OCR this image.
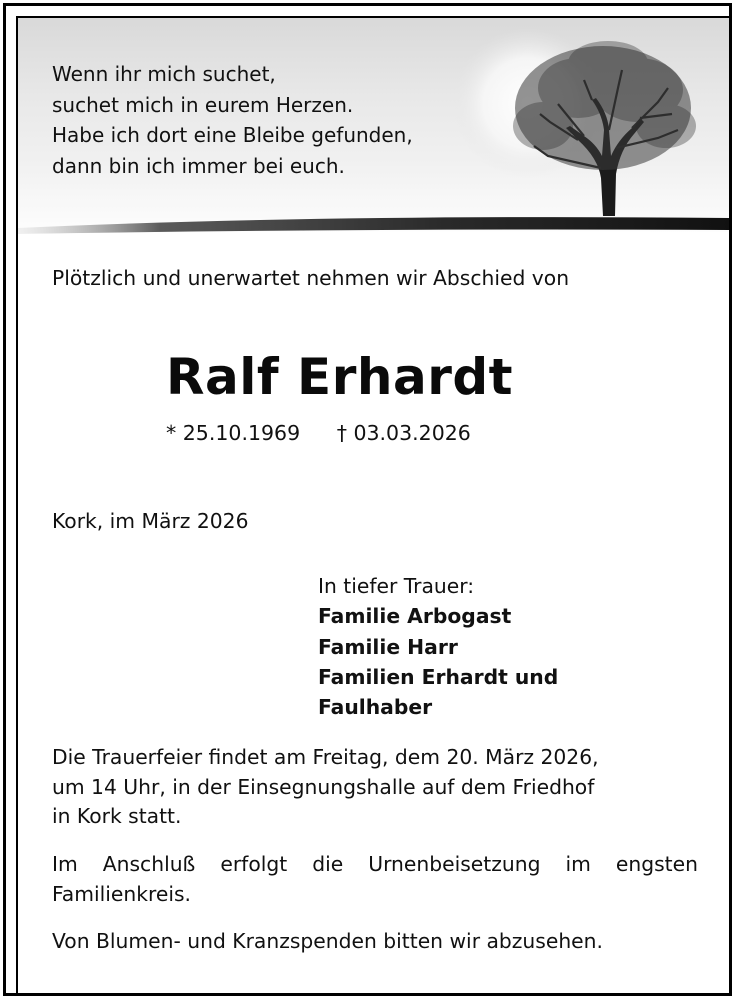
Wenn ihr mich suchet,
suchet mich in eurem Herzen.
Habe ich dort eine Bleibe gefunden,
dann bin ich immer bei euch.
Plötzlich und unerwartet nehmen wir Abschied von
Ralf Erhardt
* 25.10.1969 † 03.03.2026
Kork, im März 2026
In tiefer Trauer:
Familie Arbogast
Familie Harr
Familien Erhardt und
Faulhaber
Die Trauerfeier findet am Freitag, dem 20. März 2026,
um 14 Uhr, in der Einsegnungshalle auf dem Friedhof
in Kork statt.
Im Anschluß erfolgt die Urnenbeisetzung im engsten
Familienkreis.
Von Blumen- und Kranzspenden bitten wir abzusehen.
